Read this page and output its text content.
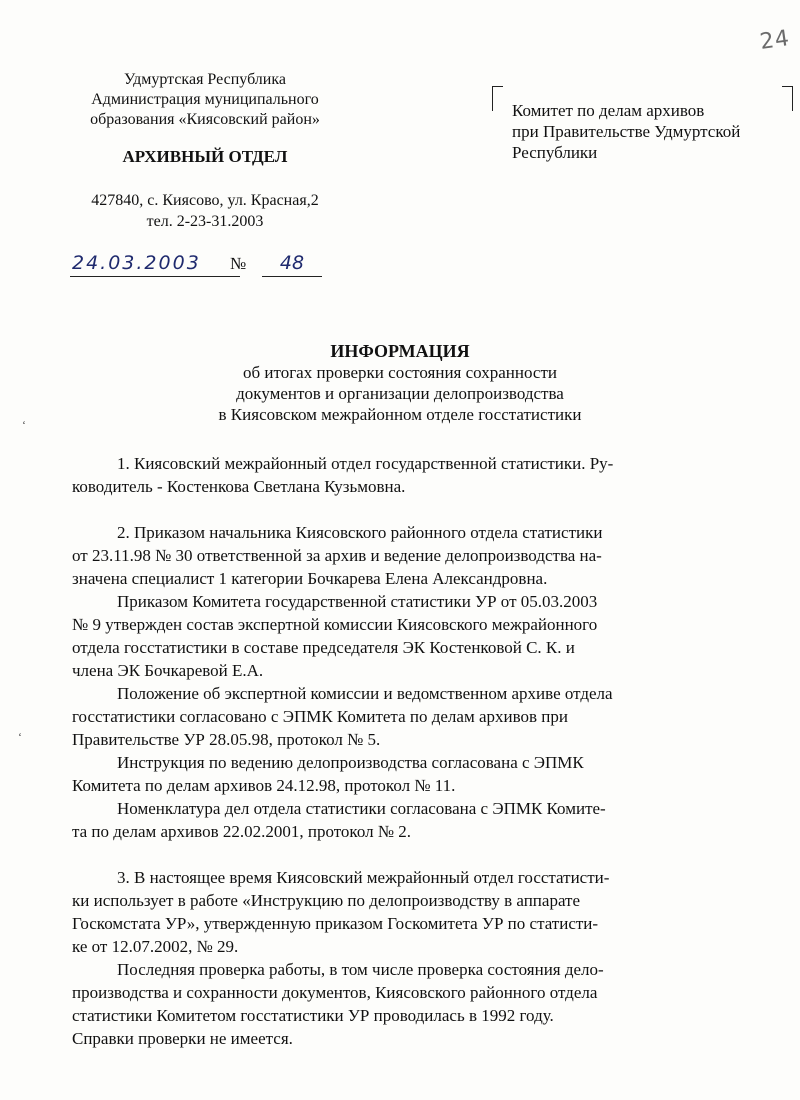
24
Удмуртская Республика
Администрация муниципального
образования «Киясовский район»
АРХИВНЫЙ ОТДЕЛ
427840, с. Киясово, ул. Красная,2
тел. 2-23-31.2003
24.03.2003	№	48
Комитет по делам архивов
при Правительстве Удмуртской
Республики
ИНФОРМАЦИЯ
об итогах проверки состояния сохранности
документов и организации делопроизводства
в Киясовском межрайонном отделе госстатистики
1. Киясовский межрайонный отдел государственной статистики. Ру-
ководитель - Костенкова Светлана Кузьмовна.
2. Приказом начальника Киясовского районного отдела статистики
от 23.11.98 № 30 ответственной за архив и ведение делопроизводства на-
значена специалист 1 категории Бочкарева Елена Александровна.
Приказом Комитета государственной статистики УР от 05.03.2003
№ 9 утвержден состав экспертной комиссии Киясовского межрайонного
отдела госстатистики в составе председателя ЭК Костенковой С. К. и
члена ЭК Бочкаревой Е.А.
Положение об экспертной комиссии и ведомственном архиве отдела
госстатистики согласовано с ЭПМК Комитета по делам архивов при
Правительстве УР 28.05.98, протокол № 5.
Инструкция по ведению делопроизводства согласована с ЭПМК
Комитета по делам архивов 24.12.98, протокол № 11.
Номенклатура дел отдела статистики согласована с ЭПМК Комите-
та по делам архивов 22.02.2001, протокол № 2.
3. В настоящее время Киясовский межрайонный отдел госстатисти-
ки использует в работе «Инструкцию по делопроизводству в аппарате
Госкомстата УР», утвержденную приказом Госкомитета УР по статисти-
ке от 12.07.2002, № 29.
Последняя проверка работы, в том числе проверка состояния дело-
производства и сохранности документов, Киясовского районного отдела
статистики Комитетом госстатистики УР проводилась в 1992 году.
Справки проверки не имеется.
‘
‘
